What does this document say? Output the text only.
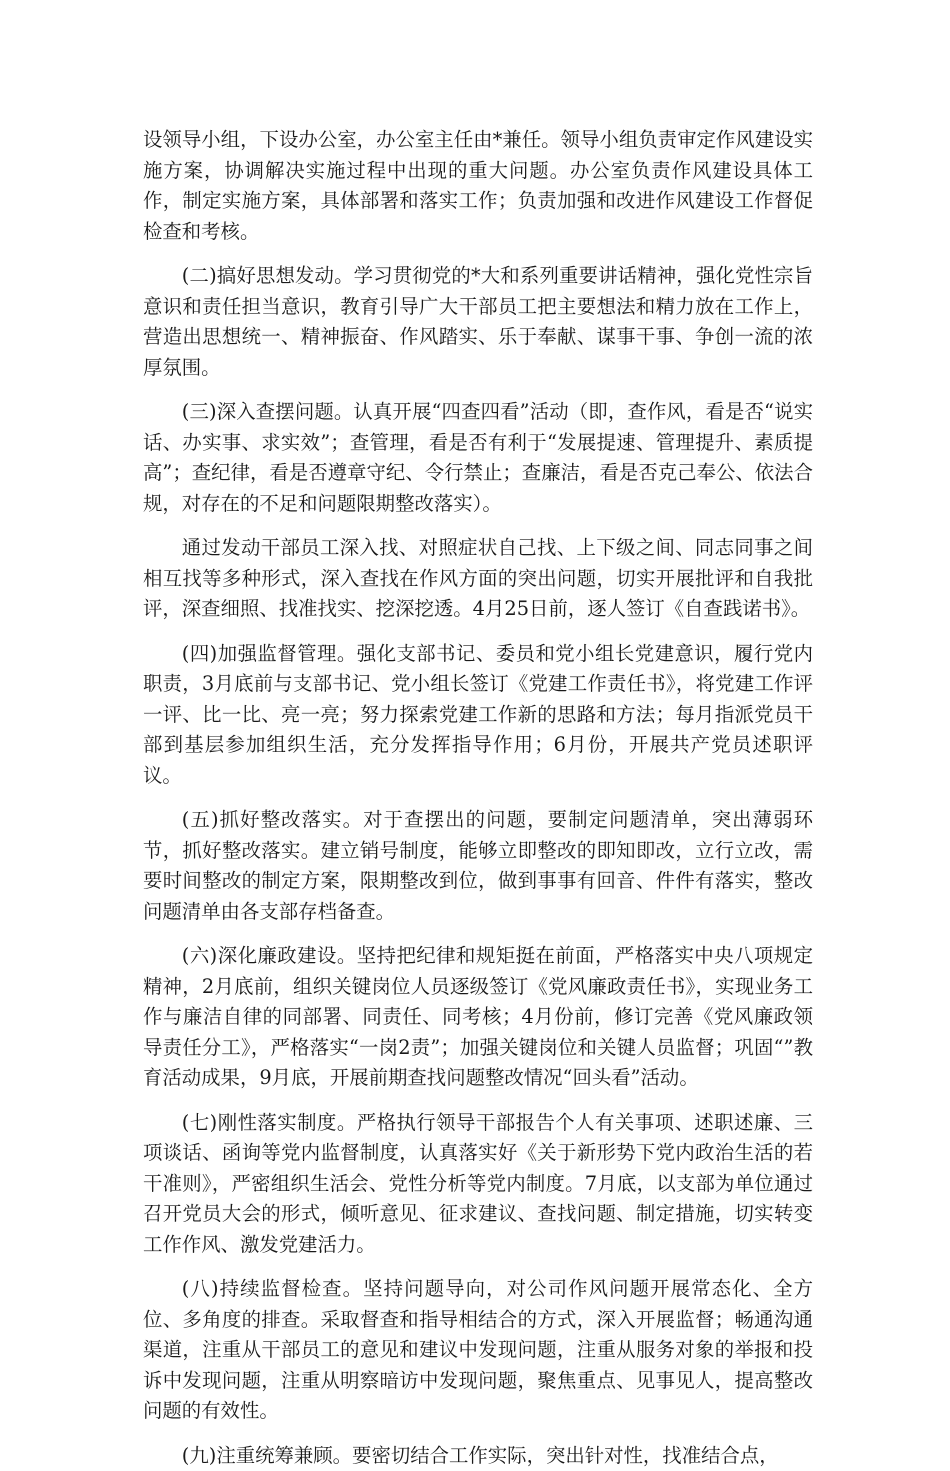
设领导小组，下设办公室，办公室主任由*兼任。领导小组负责审定作风建设实施方案，协调解决实施过程中出现的重大问题。办公室负责作风建设具体工作，制定实施方案，具体部署和落实工作；负责加强和改进作风建设工作督促检查和考核。

(二)搞好思想发动。学习贯彻党的*大和系列重要讲话精神，强化党性宗旨意识和责任担当意识，教育引导广大干部员工把主要想法和精力放在工作上，营造出思想统一、精神振奋、作风踏实、乐于奉献、谋事干事、争创一流的浓厚氛围。

(三)深入查摆问题。认真开展“四查四看”活动（即，查作风，看是否“说实话、办实事、求实效”；查管理，看是否有利于“发展提速、管理提升、素质提高”；查纪律，看是否遵章守纪、令行禁止；查廉洁，看是否克己奉公、依法合规，对存在的不足和问题限期整改落实）。

通过发动干部员工深入找、对照症状自己找、上下级之间、同志同事之间相互找等多种形式，深入查找在作风方面的突出问题，切实开展批评和自我批评，深查细照、找准找实、挖深挖透。4月25日前，逐人签订《自查践诺书》。

(四)加强监督管理。强化支部书记、委员和党小组长党建意识，履行党内职责，3月底前与支部书记、党小组长签订《党建工作责任书》，将党建工作评一评、比一比、亮一亮；努力探索党建工作新的思路和方法；每月指派党员干部到基层参加组织生活，充分发挥指导作用；6月份，开展共产党员述职评议。

(五)抓好整改落实。对于查摆出的问题，要制定问题清单，突出薄弱环节，抓好整改落实。建立销号制度，能够立即整改的即知即改，立行立改，需要时间整改的制定方案，限期整改到位，做到事事有回音、件件有落实，整改问题清单由各支部存档备查。

(六)深化廉政建设。坚持把纪律和规矩挺在前面，严格落实中央八项规定精神，2月底前，组织关键岗位人员逐级签订《党风廉政责任书》，实现业务工作与廉洁自律的同部署、同责任、同考核；4月份前，修订完善《党风廉政领导责任分工》，严格落实“一岗2责”；加强关键岗位和关键人员监督；巩固“”教育活动成果，9月底，开展前期查找问题整改情况“回头看”活动。

(七)刚性落实制度。严格执行领导干部报告个人有关事项、述职述廉、三项谈话、函询等党内监督制度，认真落实好《关于新形势下党内政治生活的若干准则》，严密组织生活会、党性分析等党内制度。7月底，以支部为单位通过召开党员大会的形式，倾听意见、征求建议、查找问题、制定措施，切实转变工作作风、激发党建活力。

(八)持续监督检查。坚持问题导向，对公司作风问题开展常态化、全方位、多角度的排查。采取督查和指导相结合的方式，深入开展监督；畅通沟通渠道，注重从干部员工的意见和建议中发现问题，注重从服务对象的举报和投诉中发现问题，注重从明察暗访中发现问题，聚焦重点、见事见人，提高整改问题的有效性。

(九)注重统筹兼顾。要密切结合工作实际，突出针对性，找准结合点，
